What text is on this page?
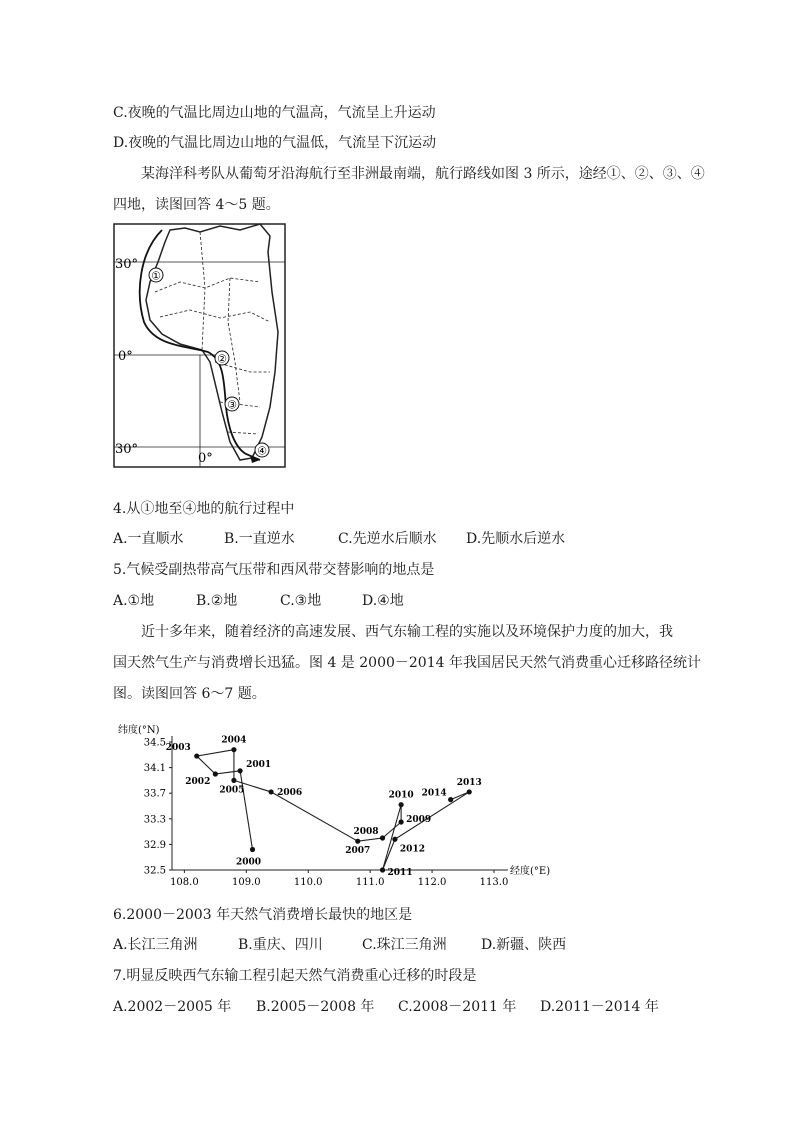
C.夜晚的气温比周边山地的气温高，气流呈上升运动
D.夜晚的气温比周边山地的气温低，气流呈下沉运动
某海洋科考队从葡萄牙沿海航行至非洲最南端，航行路线如图 3 所示，途经①、②、③、④
四地，读图回答 4～5 题。
①
②
③
④
30°
0°
30°
0°
4.从①地至④地的航行过程中
A.一直顺水	B.一直逆水	C.先逆水后顺水 D.先顺水后逆水
5.气候受副热带高气压带和西风带交替影响的地点是
A.①地	B.②地	C.③地	D.④地
近十多年来，随着经济的高速发展、西气东输工程的实施以及环境保护力度的加大，我
国天然气生产与消费增长迅猛。图 4 是 2000－2014 年我国居民天然气消费重心迁移路径统计
图。读图回答 6～7 题。
32.5
32.9
33.3
33.7
34.1
34.5
108.0	109.0	110.0	111.0	112.0	113.0
纬度(°N)
经度(°E)
2000
2001
2002
2003
2004
2005	2006
2007
2008
2009
2010
2011
2012
2013
2014
6.2000－2003 年天然气消费增长最快的地区是
A.长江三角洲	B.重庆、四川	C.珠江三角洲 D.新疆、陕西
7.明显反映西气东输工程引起天然气消费重心迁移的时段是
A.2002－2005 年 B.2005－2008 年 C.2008－2011 年 D.2011－2014 年
